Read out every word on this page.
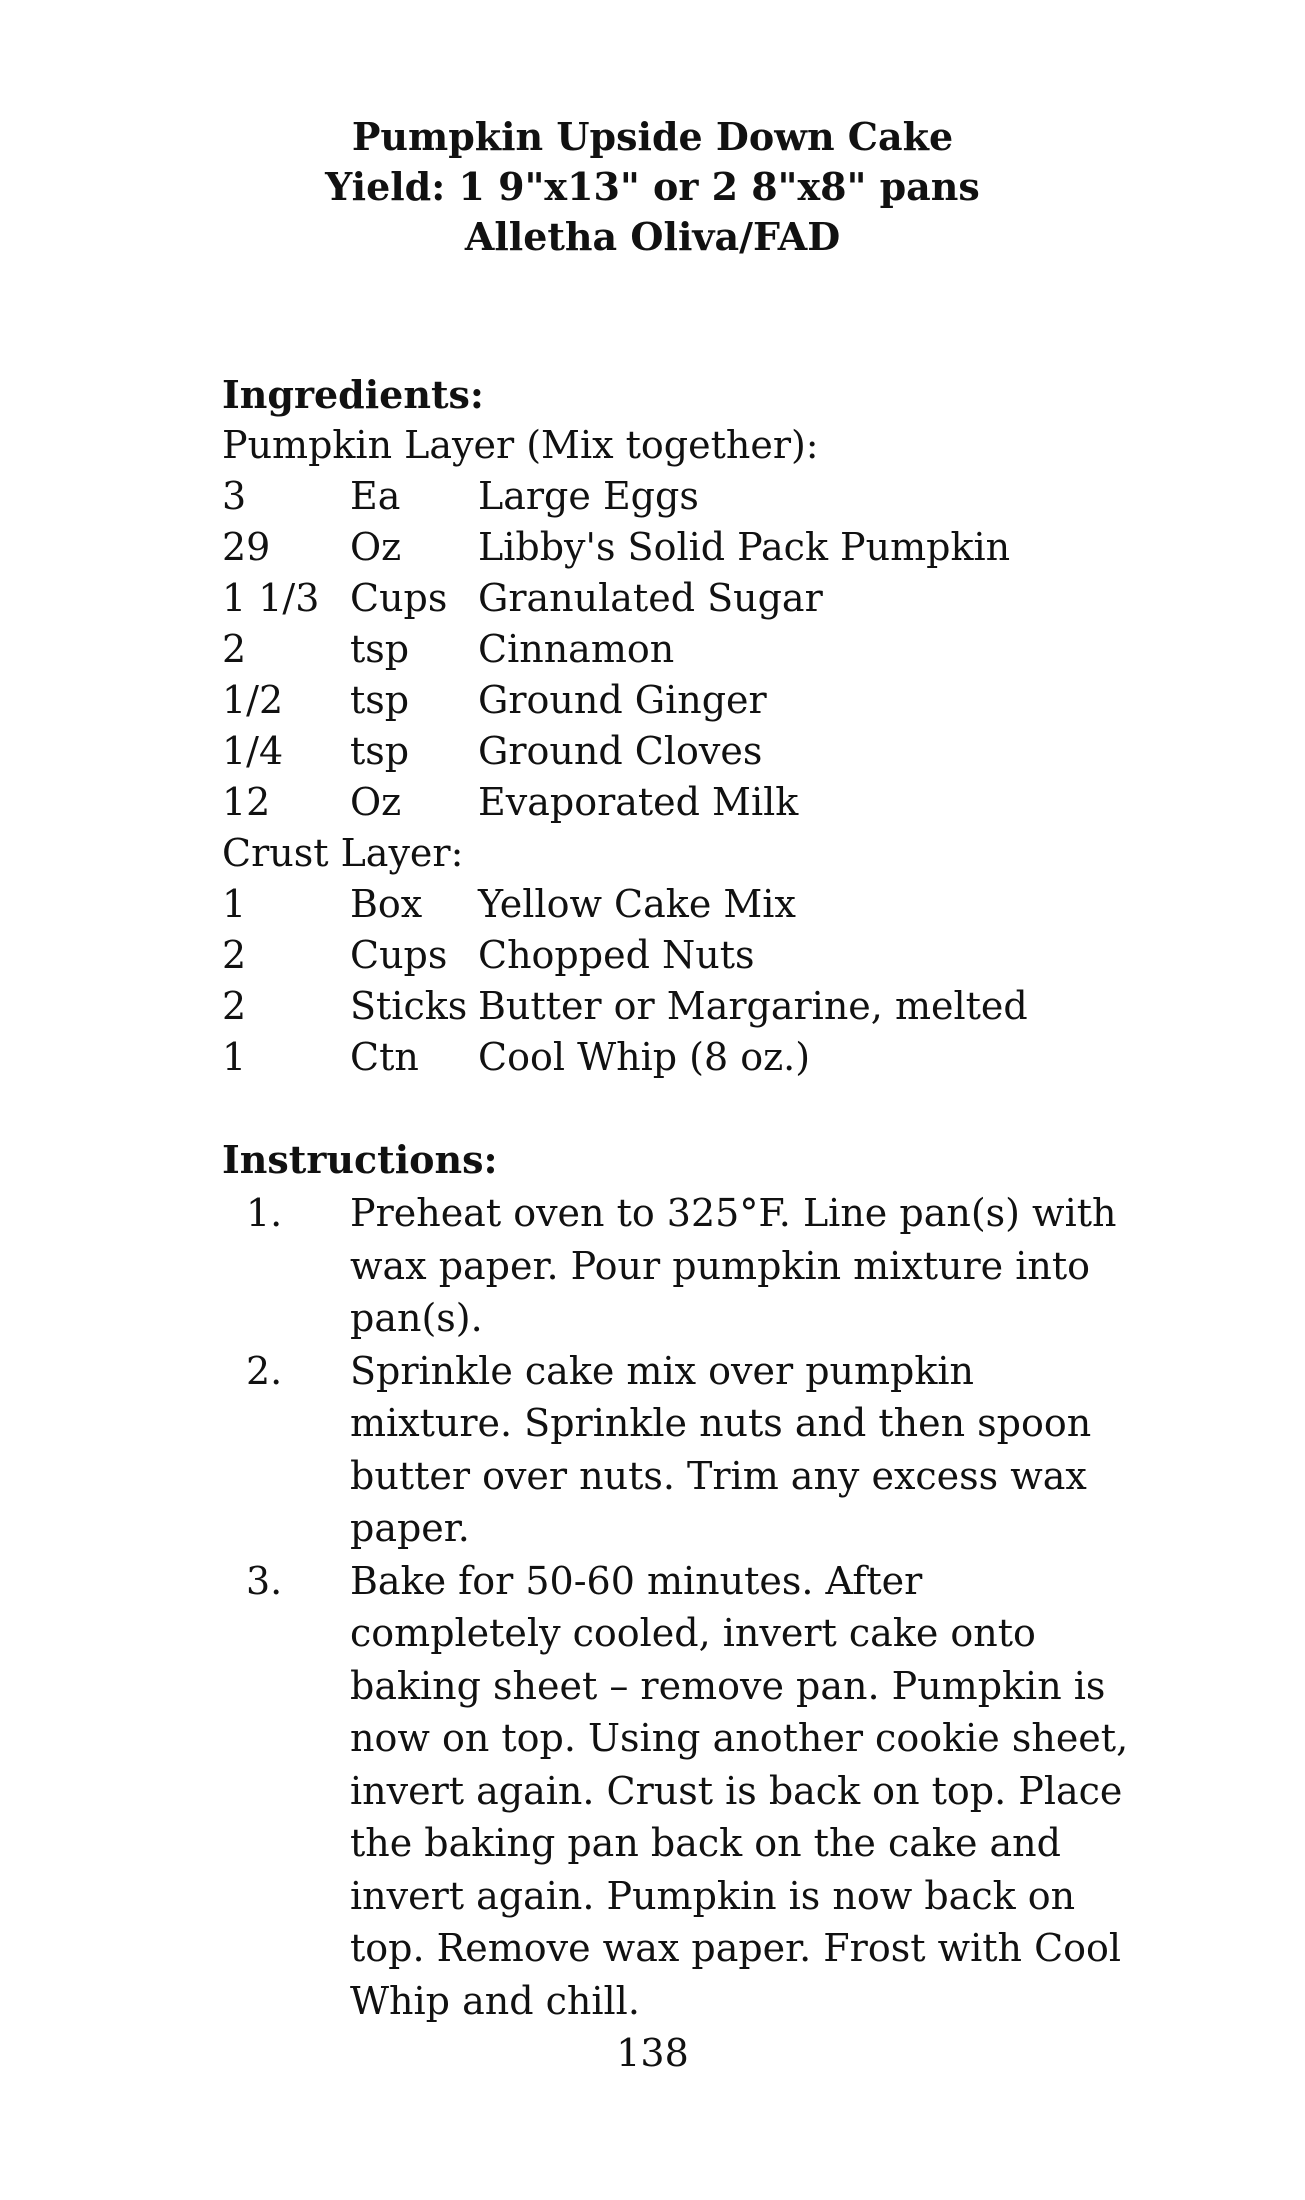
Pumpkin Upside Down Cake
Yield: 1 9"x13" or 2 8"x8" pans
Alletha Oliva/FAD
Ingredients:
Pumpkin Layer (Mix together):
3	Ea Large Eggs
29 Oz Libby's Solid Pack Pumpkin
1 1/3 Cups Granulated Sugar
2	tsp Cinnamon
1/2 tsp Ground Ginger
1/4 tsp Ground Cloves
12 Oz Evaporated Milk
Crust Layer:
1	Box Yellow Cake Mix
2	Cups Chopped Nuts
2	Sticks Butter or Margarine, melted
1	Ctn Cool Whip (8 oz.)
Instructions:
1. Preheat oven to 325°F. Line pan(s) with wax paper. Pour pumpkin mixture into pan(s).
2. Sprinkle cake mix over pumpkin mixture. Sprinkle nuts and then spoon butter over nuts. Trim any excess wax paper.
3. Bake for 50-60 minutes. After completely cooled, invert cake onto baking sheet – remove pan. Pumpkin is now on top. Using another cookie sheet, invert again. Crust is back on top. Place the baking pan back on the cake and invert again. Pumpkin is now back on top. Remove wax paper. Frost with Cool Whip and chill.
138
